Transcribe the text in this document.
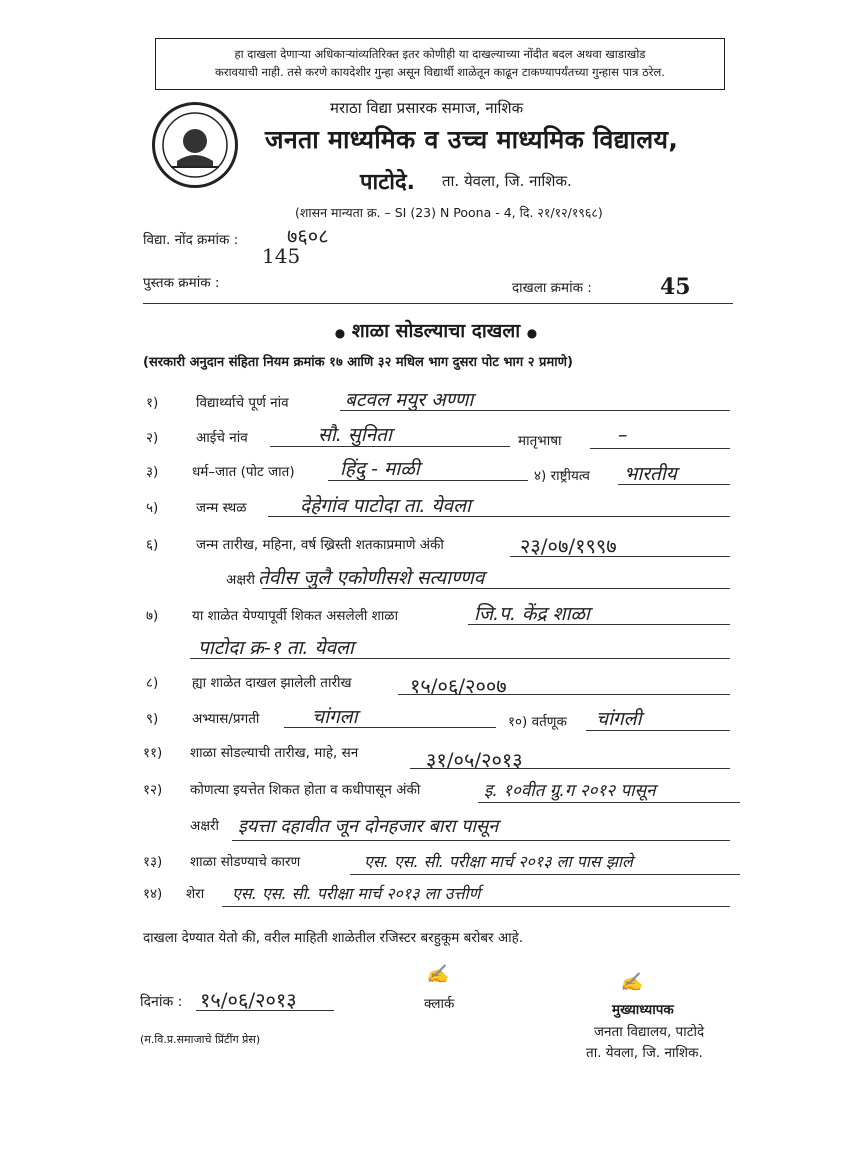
हा दाखला देणाऱ्या अधिकाऱ्यांव्यतिरिक्त इतर कोणीही या दाखल्याच्या नोंदीत बदल अथवा खाडाखोड
करावयाची नाही. तसे करणे कायदेशीर गुन्हा असून विद्यार्थी शाळेतून काढून टाकण्यापर्यंतच्या गुन्हास पात्र ठरेल.
मराठा विद्या प्रसारक समाज, नाशिक
जनता माध्यमिक व उच्च माध्यमिक विद्यालय,
पाटोदे. ता. येवला, जि. नाशिक.
(शासन मान्यता क्र. – SI (23) N Poona - 4, दि. २१/१२/१९६८)
विद्या. नोंद क्रमांक : ७६०८
145
पुस्तक क्रमांक :	दाखला क्रमांक :	45
● शाळा सोडल्याचा दाखला ●
(सरकारी अनुदान संहिता नियम क्रमांक १७ आणि ३२ मधिल भाग दुसरा पोट भाग २ प्रमाणे)
१)	विद्यार्थ्याचे पूर्ण नांव	बटवल मयुर अण्णा
२)	आईचे नांव	सौ. सुनिता	मातृभाषा	–
३) धर्म–जात (पोट जात) हिंदु - माळी	४) राष्ट्रीयत्व भारतीय
५)	जन्म स्थळ	देहेगांव पाटोदा ता. येवला
६)	जन्म तारीख, महिना, वर्ष ख्रिस्ती शतकाप्रमाणे अंकी	२३/०७/१९९७
अक्षरी तेवीस जुलै एकोणीसशे सत्याण्णव
७) या शाळेत येण्यापूर्वी शिकत असलेली शाळा	जि.प. केंद्र शाळा
पाटोदा क्र-१ ता. येवला
८) ह्या शाळेत दाखल झालेली तारीख	१५/०६/२००७
९) अभ्यास/प्रगती	चांगला	१०) वर्तणूक चांगली
११) शाळा सोडल्याची तारीख, माहे, सन	३१/०५/२०१३
१२) कोणत्या इयत्तेत शिकत होता व कधीपासून अंकी	इ. १०वीत ग्रु.ग २०१२ पासून
अक्षरी इयत्ता दहावीत जून दोनहजार बारा पासून
१३) शाळा सोडण्याचे कारण	एस. एस. सी. परीक्षा मार्च २०१३ ला पास झाले
१४) शेरा एस. एस. सी. परीक्षा मार्च २०१३ ला उत्तीर्ण
दाखला देण्यात येतो की, वरील माहिती शाळेतील रजिस्टर बरहुकूम बरोबर आहे.
दिनांक : १५/०६/२०१३
✍
क्लार्क
✍
मुख्याध्यापक
जनता विद्यालय, पाटोदे
ता. येवला, जि. नाशिक.
(म.वि.प्र.समाजाचे प्रिंटींग प्रेस)
